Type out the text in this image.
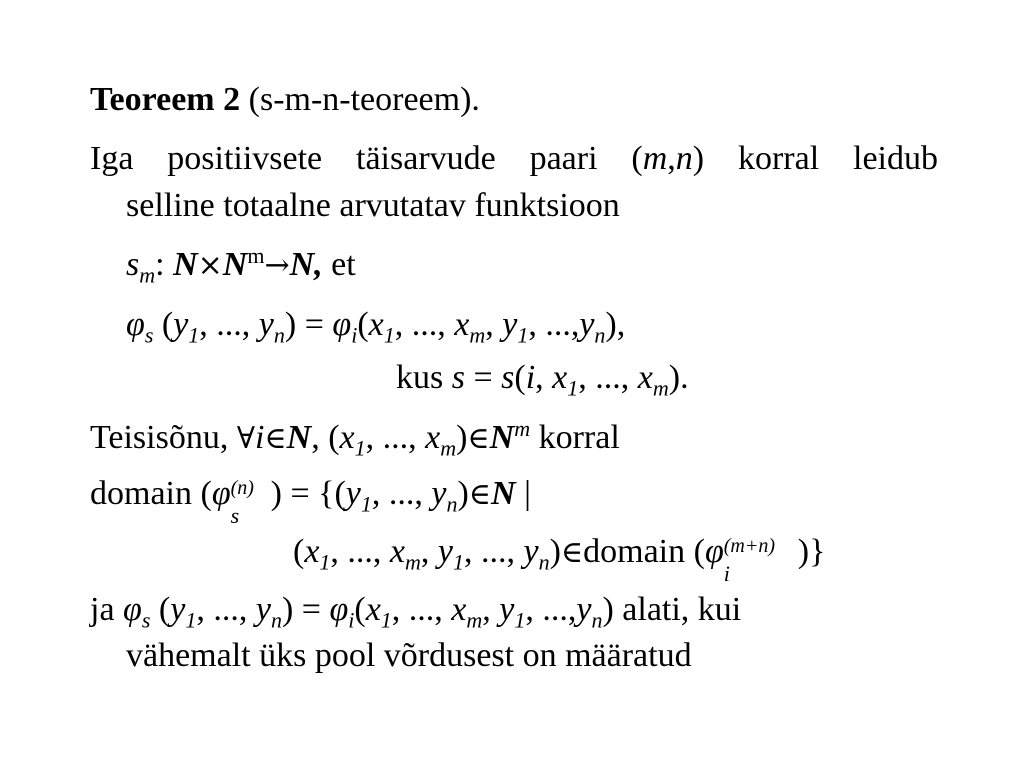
Teoreem 2 (s-m-n-teoreem).
Iga positiivsete täisarvude paari (m,n) korral leidub
selline totaalne arvutatav funktsioon
$s_m$: $N\times N^m\to N$, et
$\varphi_s$ ($y_1$, ..., $y_n) = \varphi_i(x_1$, ..., $x_m$, $y_1$, $...,y_n$),
kus s = s(i, $x_1$, ..., $x_m$).
Teisisõnu, ∀i∈N, ($x_1$, ..., $x_m)\in N^m$ korral
domain (φ (n)
s
) = {($y_1$, ..., $y_n)\in N$ |
($x_1$, ..., $x_m$, $y_1$, ..., $y_n)\in domain$ (φ (m+n)
i
)}
ja $\varphi_s$ ($y_1$, ..., $y_n) = \varphi_i(x_1$, ..., $x_m$, $y_1$, $...,y_n$) alati, kui
vähemalt üks pool võrdusest on määratud
